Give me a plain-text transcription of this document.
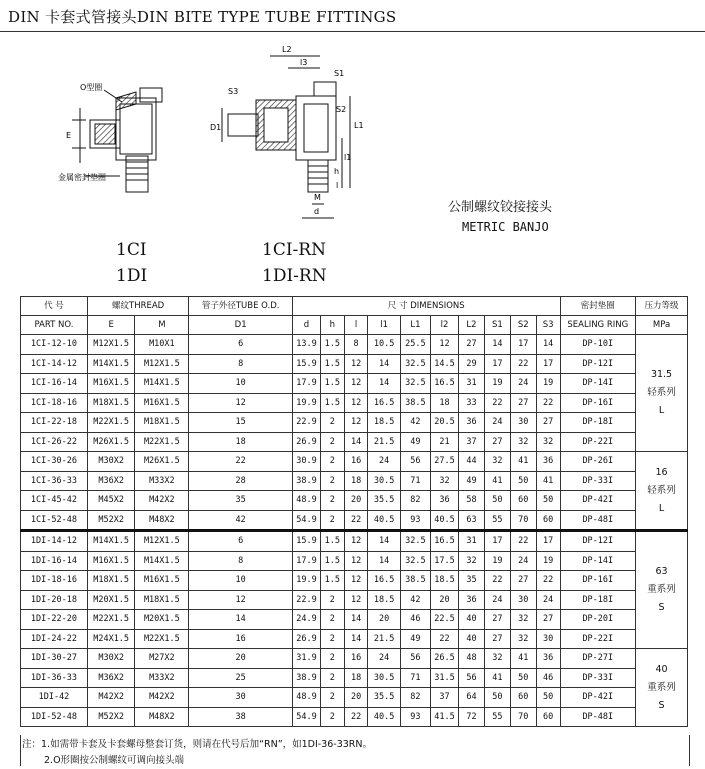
DIN 卡套式管接头DIN BITE TYPE TUBE FITTINGS
O型圈
E
金属密封垫圈
L2
l3
S3
S1
S2
L1
l1
D1
h
l
M
d	公制螺纹铰接接头
METRIC BANJO
1CI
1DI
1CI-RN
1DI-RN
代 号	螺纹THREAD		管子外径TUBE O.D.	尺 寸 DIMENSIONS										密封垫圈	压力等级
PART NO.	E	M	D1	d	h	l	l1	L1	l2	L2	S1	S2	S3	SEALING RING	MPa
1CI-12-10	M12X1.5	M10X1	6	13.9	1.5	8	10.5	25.5	12	27	14	17	14	DP-10I	31.5
轻系列
L

1CI-14-12	M14X1.5	M12X1.5	8	15.9	1.5	12	14	32.5	14.5	29	17	22	17	DP-12I	
1CI-16-14	M16X1.5	M14X1.5	10	17.9	1.5	12	14	32.5	16.5	31	19	24	19	DP-14I	
1CI-18-16	M18X1.5	M16X1.5	12	19.9	1.5	12	16.5	38.5	18	33	22	27	22	DP-16I	
1CI-22-18	M22X1.5	M18X1.5	15	22.9	2	12	18.5	42	20.5	36	24	30	27	DP-18I	
1CI-26-22	M26X1.5	M22X1.5	18	26.9	2	14	21.5	49	21	37	27	32	32	DP-22I	
1CI-30-26	M30X2	M26X1.5	22	30.9	2	16	24	56	27.5	44	32	41	36	DP-26I	16
轻系列
L

1CI-36-33	M36X2	M33X2	28	38.9	2	18	30.5	71	32	49	41	50	41	DP-33I	
1CI-45-42	M45X2	M42X2	35	48.9	2	20	35.5	82	36	58	50	60	50	DP-42I	
1CI-52-48	M52X2	M48X2	42	54.9	2	22	40.5	93	40.5	63	55	70	60	DP-48I	
1DI-14-12	M14X1.5	M12X1.5	6	15.9	1.5	12	14	32.5	16.5	31	17	22	17	DP-12I	63
重系列
S

1DI-16-14	M16X1.5	M14X1.5	8	17.9	1.5	12	14	32.5	17.5	32	19	24	19	DP-14I	
1DI-18-16	M18X1.5	M16X1.5	10	19.9	1.5	12	16.5	38.5	18.5	35	22	27	22	DP-16I	
1DI-20-18	M20X1.5	M18X1.5	12	22.9	2	12	18.5	42	20	36	24	30	24	DP-18I	
1DI-22-20	M22X1.5	M20X1.5	14	24.9	2	14	20	46	22.5	40	27	32	27	DP-20I	
1DI-24-22	M24X1.5	M22X1.5	16	26.9	2	14	21.5	49	22	40	27	32	30	DP-22I	
1DI-30-27	M30X2	M27X2	20	31.9	2	16	24	56	26.5	48	32	41	36	DP-27I	40
重系列
S

1DI-36-33	M36X2	M33X2	25	38.9	2	18	30.5	71	31.5	56	41	50	46	DP-33I	
1DI-42	M42X2	M42X2	30	48.9	2	20	35.5	82	37	64	50	60	50	DP-42I	
1DI-52-48	M52X2	M48X2	38	54.9	2	22	40.5	93	41.5	72	55	70	60	DP-48I	
注：1.如需带卡套及卡套螺母整套订货，则请在代号后加“RN”，如1DI-36-33RN。
2.O形圈按公制螺纹可调向接头端
